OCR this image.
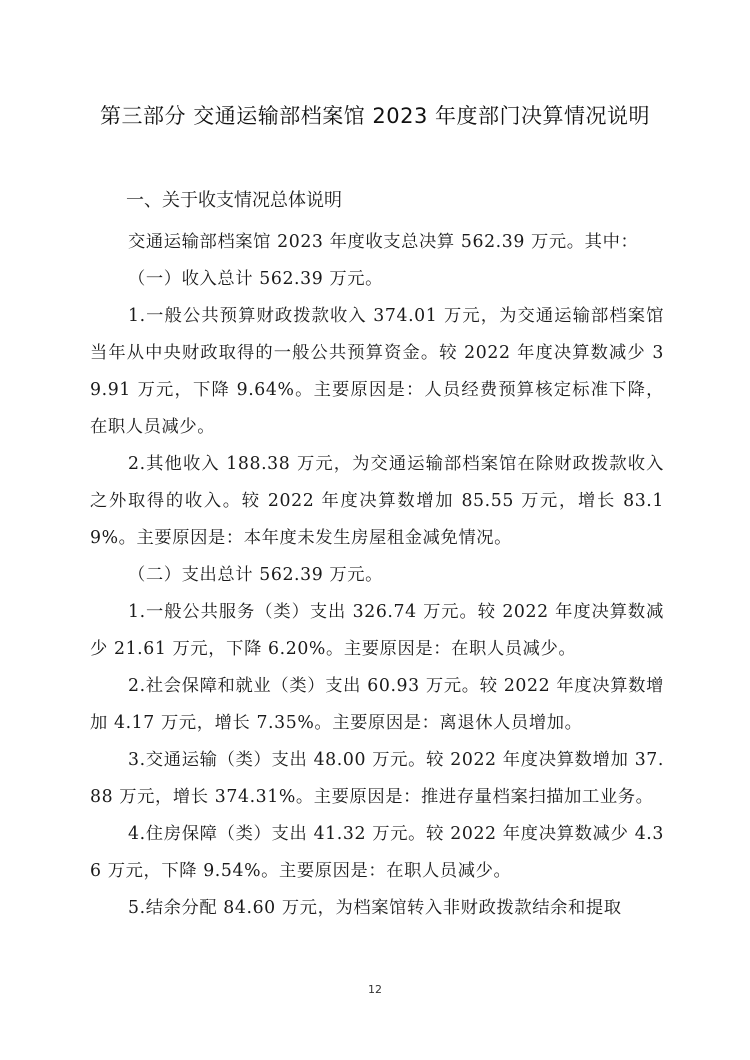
第三部分 交通运输部档案馆 2023 年度部门决算情况说明
一、关于收支情况总体说明

交通运输部档案馆 2023 年度收支总决算 562.39 万元。其中：

（一）收入总计 562.39 万元。

1.一般公共预算财政拨款收入 374.01 万元，为交通运输部档案馆当年从中央财政取得的一般公共预算资金。较 2022 年度决算数减少 39.91 万元，下降 9.64%。主要原因是：人员经费预算核定标准下降，在职人员减少。

2.其他收入 188.38 万元，为交通运输部档案馆在除财政拨款收入之外取得的收入。较 2022 年度决算数增加 85.55 万元，增长 83.19%。主要原因是：本年度未发生房屋租金减免情况。

（二）支出总计 562.39 万元。

1.一般公共服务（类）支出 326.74 万元。较 2022 年度决算数减少 21.61 万元，下降 6.20%。主要原因是：在职人员减少。

2.社会保障和就业（类）支出 60.93 万元。较 2022 年度决算数增加 4.17 万元，增长 7.35%。主要原因是：离退休人员增加。

3.交通运输（类）支出 48.00 万元。较 2022 年度决算数增加 37.88 万元，增长 374.31%。主要原因是：推进存量档案扫描加工业务。

4.住房保障（类）支出 41.32 万元。较 2022 年度决算数减少 4.36 万元，下降 9.54%。主要原因是：在职人员减少。

5.结余分配 84.60 万元，为档案馆转入非财政拨款结余和提取

12
